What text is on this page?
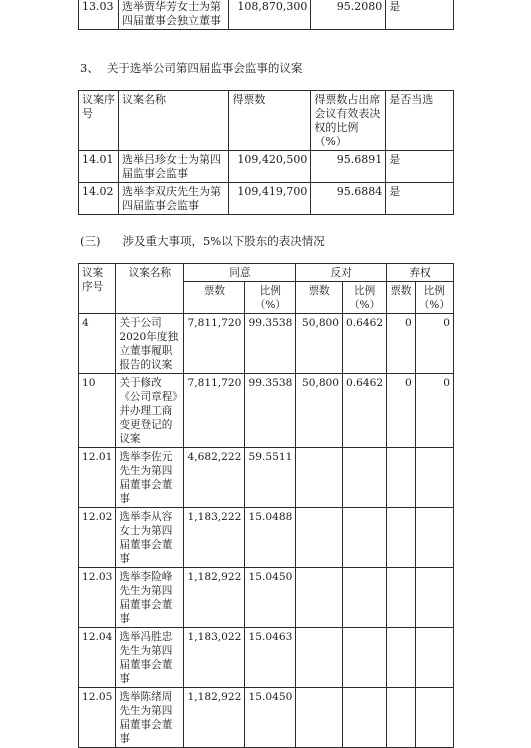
13.03	选举贾华芳女士为第四届董事会独立董事	108,870,300	95.2080	是
3、 关于选举公司第四届监事会监事的议案
议案序号	议案名称	得票数	得票数占出席会议有效表决权的比例（%）	是否当选
14.01	选举吕珍女士为第四届监事会监事	109,420,500	95.6891	是
14.02	选举李双庆先生为第四届监事会监事	109,419,700	95.6884	是
(三) 涉及重大事项，5%以下股东的表决情况
议案序号	议案名称	同意		反对		弃权	
		票数	比例（%）	票数	比例（%）	票数	比例（%）
4	关于公司2020年度独立董事履职报告的议案	7,811,720	99.3538	50,800	0.6462	0	0
10	关于修改《公司章程》并办理工商变更登记的议案	7,811,720	99.3538	50,800	0.6462	0	0
12.01	选举李佐元先生为第四届董事会董事	4,682,222	59.5511				
12.02	选举李从容女士为第四届董事会董事	1,183,222	15.0488				
12.03	选举李险峰先生为第四届董事会董事	1,182,922	15.0450				
12.04	选举冯胜忠先生为第四届董事会董事	1,183,022	15.0463				
12.05	选举陈绪周先生为第四届董事会董事	1,182,922	15.0450				
